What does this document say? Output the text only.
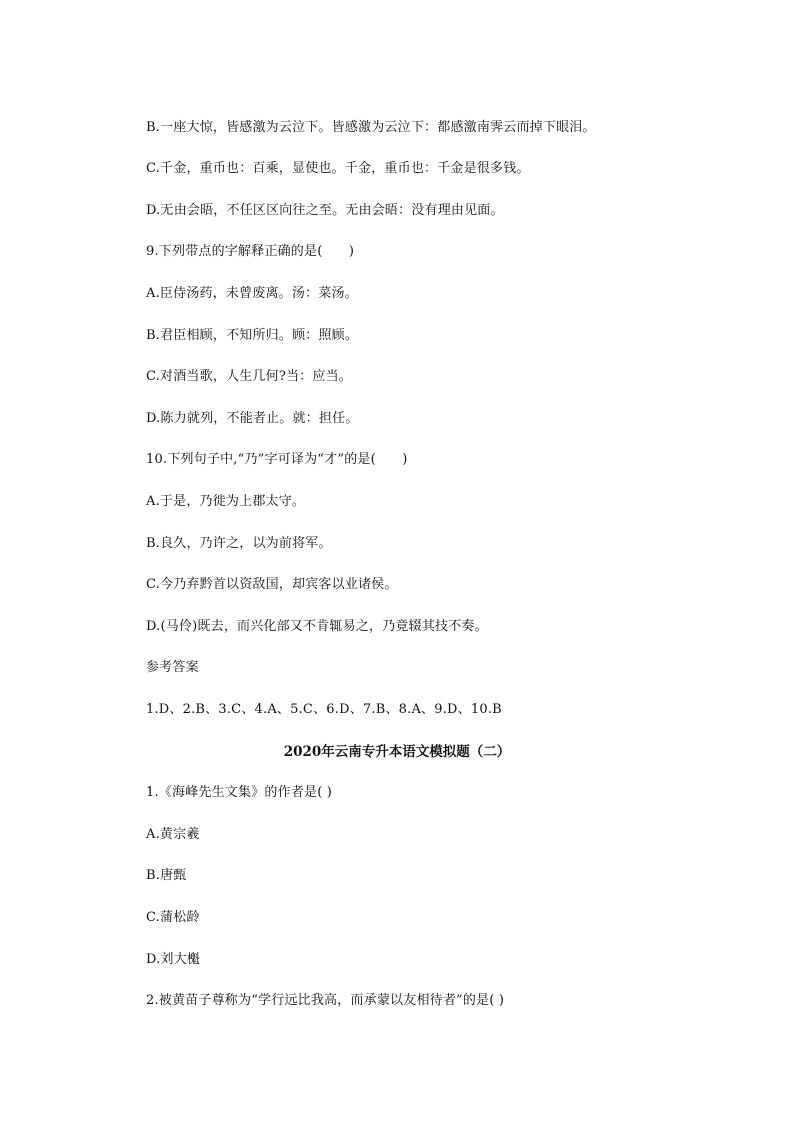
B.一座大惊，皆感激为云泣下。皆感激为云泣下：都感激南霁云而掉下眼泪。
C.千金，重币也：百乘，显使也。千金，重币也：千金是很多钱。
D.无由会晤，不任区区向往之至。无由会晤：没有理由见面。
9.下列带点的字解释正确的是(　　)
A.臣侍汤药，未曾废离。汤：菜汤。
B.君臣相顾，不知所归。顾：照顾。
C.对酒当歌，人生几何?当：应当。
D.陈力就列，不能者止。就：担任。
10.下列句子中,“乃”字可译为“才”的是(　　)
A.于是，乃徙为上郡太守。
B.良久，乃许之，以为前将军。
C.今乃弃黔首以资敌国，却宾客以业诸侯。
D.(马伶)既去，而兴化部又不肯辄易之，乃竟辍其技不奏。
参考答案
1.D、2.B、3.C、4.A、5.C、6.D、7.B、8.A、9.D、10.B
2020年云南专升本语文模拟题（二）
1.《海峰先生文集》的作者是( )
A.黄宗羲
B.唐甄
C.蒲松龄
D.刘大櫆
2.被黄苗子尊称为“学行远比我高，而承蒙以友相待者”的是( )
